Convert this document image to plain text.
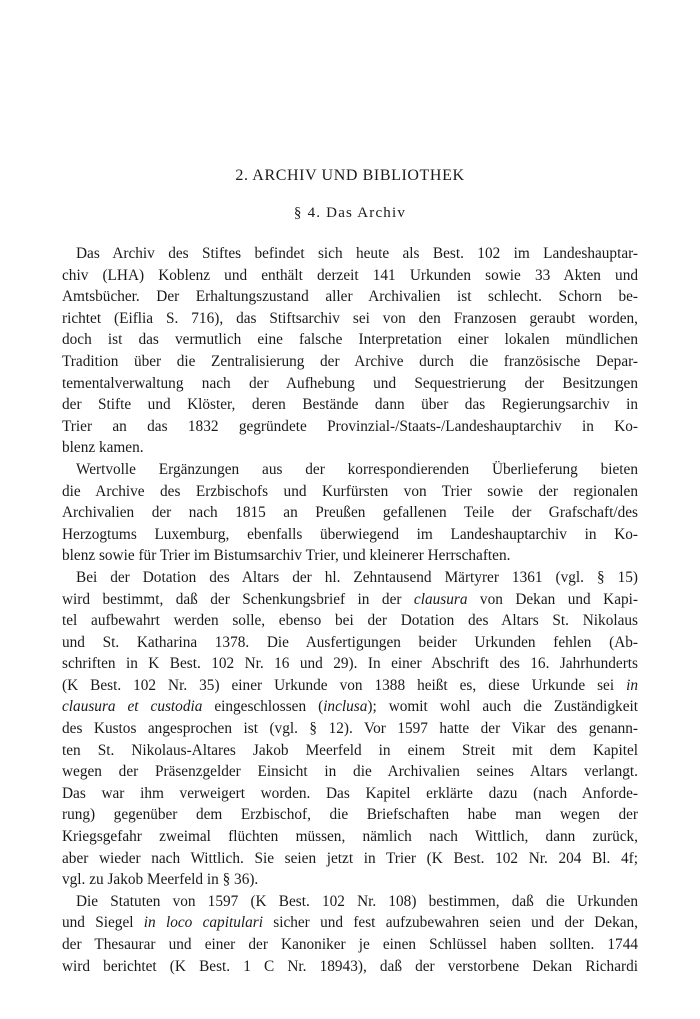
2. ARCHIV UND BIBLIOTHEK
§ 4. Das Archiv
Das Archiv des Stiftes befindet sich heute als Best. 102 im Landeshauptar-
chiv (LHA) Koblenz und enthält derzeit 141 Urkunden sowie 33 Akten und
Amtsbücher. Der Erhaltungszustand aller Archivalien ist schlecht. Schorn be-
richtet (Eiflia S. 716), das Stiftsarchiv sei von den Franzosen geraubt worden,
doch ist das vermutlich eine falsche Interpretation einer lokalen mündlichen
Tradition über die Zentralisierung der Archive durch die französische Depar-
tementalverwaltung nach der Aufhebung und Sequestrierung der Besitzungen
der Stifte und Klöster, deren Bestände dann über das Regierungsarchiv in
Trier an das 1832 gegründete Provinzial-/Staats-/Landeshauptarchiv in Ko-
blenz kamen.
Wertvolle Ergänzungen aus der korrespondierenden Überlieferung bieten
die Archive des Erzbischofs und Kurfürsten von Trier sowie der regionalen
Archivalien der nach 1815 an Preußen gefallenen Teile der Grafschaft/des
Herzogtums Luxemburg, ebenfalls überwiegend im Landeshauptarchiv in Ko-
blenz sowie für Trier im Bistumsarchiv Trier, und kleinerer Herrschaften.
Bei der Dotation des Altars der hl. Zehntausend Märtyrer 1361 (vgl. § 15)
wird bestimmt, daß der Schenkungsbrief in der clausura von Dekan und Kapi-
tel aufbewahrt werden solle, ebenso bei der Dotation des Altars St. Nikolaus
und St. Katharina 1378. Die Ausfertigungen beider Urkunden fehlen (Ab-
schriften in K Best. 102 Nr. 16 und 29). In einer Abschrift des 16. Jahrhunderts
(K Best. 102 Nr. 35) einer Urkunde von 1388 heißt es, diese Urkunde sei in
clausura et custodia eingeschlossen (inclusa); womit wohl auch die Zuständigkeit
des Kustos angesprochen ist (vgl. § 12). Vor 1597 hatte der Vikar des genann-
ten St. Nikolaus-Altares Jakob Meerfeld in einem Streit mit dem Kapitel
wegen der Präsenzgelder Einsicht in die Archivalien seines Altars verlangt.
Das war ihm verweigert worden. Das Kapitel erklärte dazu (nach Anforde-
rung) gegenüber dem Erzbischof, die Briefschaften habe man wegen der
Kriegsgefahr zweimal flüchten müssen, nämlich nach Wittlich, dann zurück,
aber wieder nach Wittlich. Sie seien jetzt in Trier (K Best. 102 Nr. 204 Bl. 4f;
vgl. zu Jakob Meerfeld in § 36).
Die Statuten von 1597 (K Best. 102 Nr. 108) bestimmen, daß die Urkunden
und Siegel in loco capitulari sicher und fest aufzubewahren seien und der Dekan,
der Thesaurar und einer der Kanoniker je einen Schlüssel haben sollten. 1744
wird berichtet (K Best. 1 C Nr. 18943), daß der verstorbene Dekan Richardi
